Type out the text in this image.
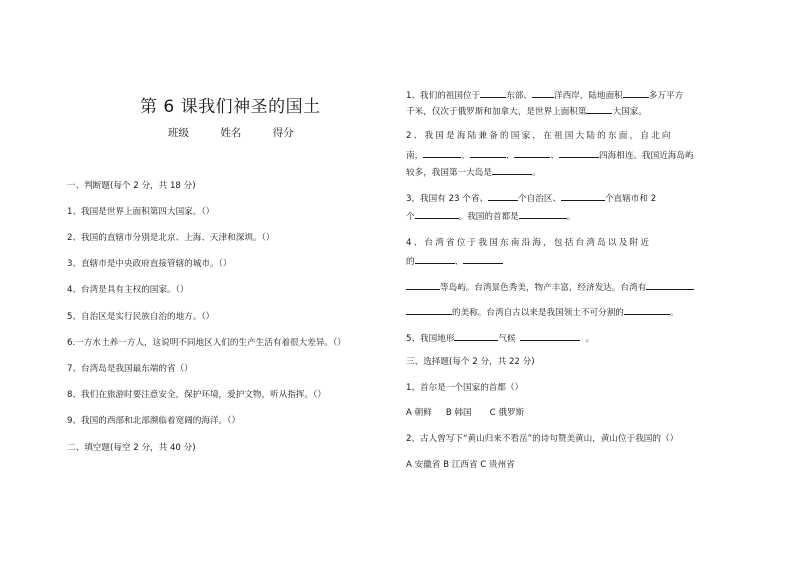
第 6 课我们神圣的国土
班级	姓名	得分
一、判断题(每个 2 分，共 18 分)
1、我国是世界上面积第四大国家。（）
2、我国的直辖市分别是北京、上海、天津和深圳。（）
3、直辖市是中央政府直接管辖的城市。（）
4、台湾是具有主权的国家。（）
5、自治区是实行民族自治的地方。（）
6.一方水土养一方人，这说明不同地区人们的生产生活有着很大差异。（）
7、台湾岛是我国最东端的省（）
8、我们在旅游时要注意安全，保护环境，爱护文物，听从指挥。（）
9、我国的西部和北部濒临着宽阔的海洋。（）
二、填空题(每空 2 分，共 40 分)
1、我们的祖国位于	东部、	洋西岸，陆地面积	多万平方
千米，仅次于俄罗斯和加拿大，是世界上面积第	大国家。
2、我国是海陆兼备的国家，在祖国大陆的东面，自北向
南，	、	、	、	四海相连。我国近海岛屿
较多，我国第一大岛是	。
3，我国有 23 个省、	个自治区、	个直辖市和 2
个	。我国的首都是	。
4、台湾省位于我国东南沿海，包括台湾岛以及附近
的	、
等岛屿。台湾景色秀美，物产丰富，经济发达。台湾有
的美称。台湾自古以来是我国领土不可分割的	。
5、我国地形	气候	。
三、选择题(每个 2 分，共 22 分)
1、首尔是一个国家的首都（）
A 朝鲜 B 韩国 C 俄罗斯
2、古人曾写下“黄山归来不看岳”的诗句赞美黄山，黄山位于我国的（）
A 安徽省 B 江西省 C 贵州省
